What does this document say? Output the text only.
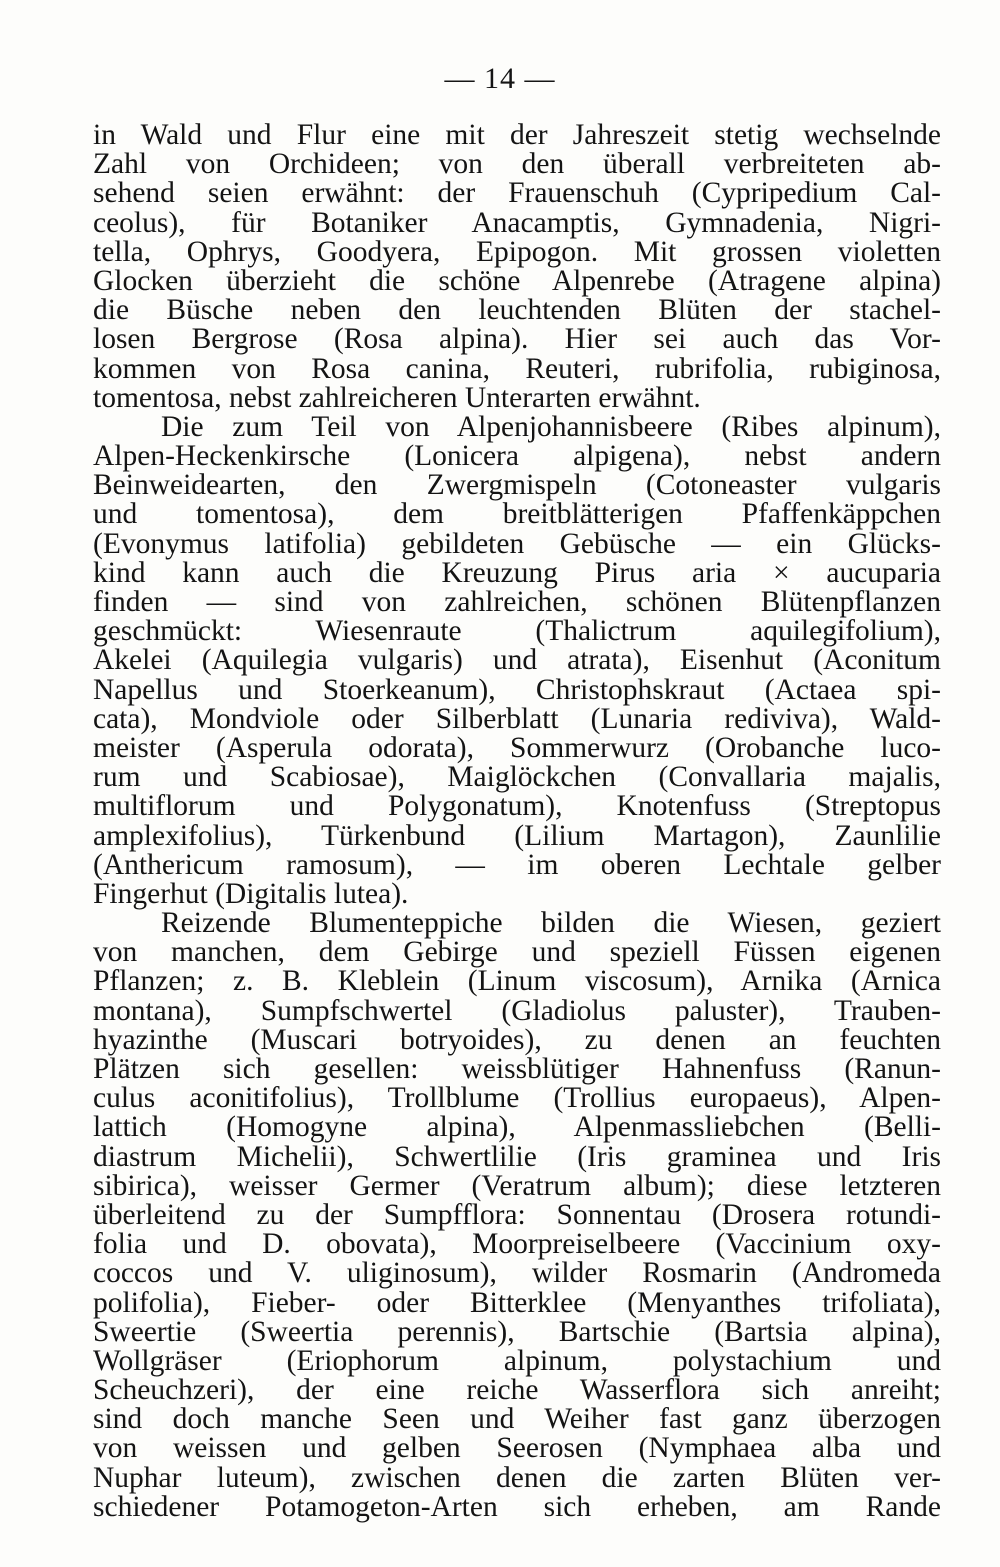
— 14 —
in Wald und Flur eine mit der Jahreszeit stetig wechselnde
Zahl von Orchideen; von den überall verbreiteten ab-
sehend seien erwähnt: der Frauenschuh (Cypripedium Cal-
ceolus), für Botaniker Anacamptis, Gymnadenia, Nigri-
tella, Ophrys, Goodyera, Epipogon. Mit grossen violetten
Glocken überzieht die schöne Alpenrebe (Atragene alpina)
die Büsche neben den leuchtenden Blüten der stachel-
losen Bergrose (Rosa alpina). Hier sei auch das Vor-
kommen von Rosa canina, Reuteri, rubrifolia, rubiginosa,
tomentosa, nebst zahlreicheren Unterarten erwähnt.
Die zum Teil von Alpenjohannisbeere (Ribes alpinum),
Alpen-Heckenkirsche (Lonicera alpigena), nebst andern
Beinweidearten, den Zwergmispeln (Cotoneaster vulgaris
und tomentosa), dem breitblätterigen Pfaffenkäppchen
(Evonymus latifolia) gebildeten Gebüsche — ein Glücks-
kind kann auch die Kreuzung Pirus aria × aucuparia
finden — sind von zahlreichen, schönen Blütenpflanzen
geschmückt: Wiesenraute (Thalictrum aquilegifolium),
Akelei (Aquilegia vulgaris) und atrata), Eisenhut (Aconitum
Napellus und Stoerkeanum), Christophskraut (Actaea spi-
cata), Mondviole oder Silberblatt (Lunaria rediviva), Wald-
meister (Asperula odorata), Sommerwurz (Orobanche luco-
rum und Scabiosae), Maiglöckchen (Convallaria majalis,
multiflorum und Polygonatum), Knotenfuss (Streptopus
amplexifolius), Türkenbund (Lilium Martagon), Zaunlilie
(Anthericum ramosum), — im oberen Lechtale gelber
Fingerhut (Digitalis lutea).
Reizende Blumenteppiche bilden die Wiesen, geziert
von manchen, dem Gebirge und speziell Füssen eigenen
Pflanzen; z. B. Kleblein (Linum viscosum), Arnika (Arnica
montana), Sumpfschwertel (Gladiolus paluster), Trauben-
hyazinthe (Muscari botryoides), zu denen an feuchten
Plätzen sich gesellen: weissblütiger Hahnenfuss (Ranun-
culus aconitifolius), Trollblume (Trollius europaeus), Alpen-
lattich (Homogyne alpina), Alpenmassliebchen (Belli-
diastrum Michelii), Schwertlilie (Iris graminea und Iris
sibirica), weisser Germer (Veratrum album); diese letzteren
überleitend zu der Sumpfflora: Sonnentau (Drosera rotundi-
folia und D. obovata), Moorpreiselbeere (Vaccinium oxy-
coccos und V. uliginosum), wilder Rosmarin (Andromeda
polifolia), Fieber- oder Bitterklee (Menyanthes trifoliata),
Sweertie (Sweertia perennis), Bartschie (Bartsia alpina),
Wollgräser (Eriophorum alpinum, polystachium und
Scheuchzeri), der eine reiche Wasserflora sich anreiht;
sind doch manche Seen und Weiher fast ganz überzogen
von weissen und gelben Seerosen (Nymphaea alba und
Nuphar luteum), zwischen denen die zarten Blüten ver-
schiedener Potamogeton-Arten sich erheben, am Rande
